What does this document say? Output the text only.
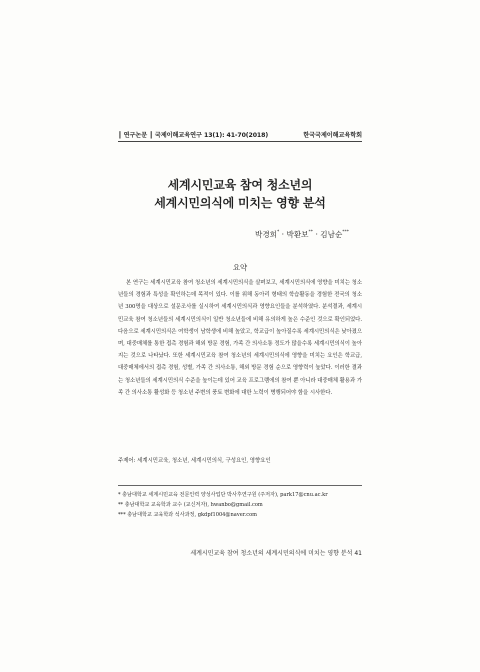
┃ 연구논문 ┃ 국제이해교육연구 13(1): 41-70(2018)	한국국제이해교육학회
세계시민교육 참여 청소년의
세계시민의식에 미치는 영향 분석
박경희* · 박환보** · 김남순***
요약
본 연구는 세계시민교육 참여 청소년의 세계시민의식을 살펴보고, 세계시민의식에 영향을 미치는 청소년들의 경험과 특성을 확인하는데 목적이 있다. 이를 위해 동아리 형태의 학습활동을 경험한 전국의 청소년 300명을 대상으로 설문조사를 실시하여 세계시민의식과 영향요인들을 분석하였다. 분석결과, 세계시민교육 참여 청소년들의 세계시민의식이 일반 청소년들에 비해 유의하게 높은 수준인 것으로 확인되었다. 다음으로 세계시민의식은 여학생이 남학생에 비해 높았고, 학교급이 높아질수록 세계시민의식은 낮아졌으며, 대중매체를 통한 접촉 경험과 해외 방문 경험, 가족 간 의사소통 정도가 많을수록 세계시민의식이 높아지는 것으로 나타났다. 또한 세계시민교육 참여 청소년의 세계시민의식에 영향을 미치는 요인은 학교급, 대중매체에서의 접촉 경험, 성별, 가족 간 의사소통, 해외 방문 경험 순으로 영향력이 높았다. 이러한 결과는 청소년들의 세계시민의식 수준을 높이는데 있어 교육 프로그램에의 참여 뿐 아니라 대중매체 활용과 가족 간 의사소통 활성화 등 청소년 주변의 풍토 변화에 대한 노력이 병행되어야 함을 시사한다.
주제어: 세계시민교육, 청소년, 세계시민의식, 구성요인, 영향요인
* 충남대학교 세계시민교육 전문인력 양성사업단 박사후연구원 (주저자), park17@cnu.ac.kr
** 충남대학교 교육학과 교수 (교신저자), hwanbo@gmail.com
*** 충남대학교 교육학과 석사과정, gkdpf1004@naver.com
세계시민교육 참여 청소년의 세계시민의식에 미치는 영향 분석 41
